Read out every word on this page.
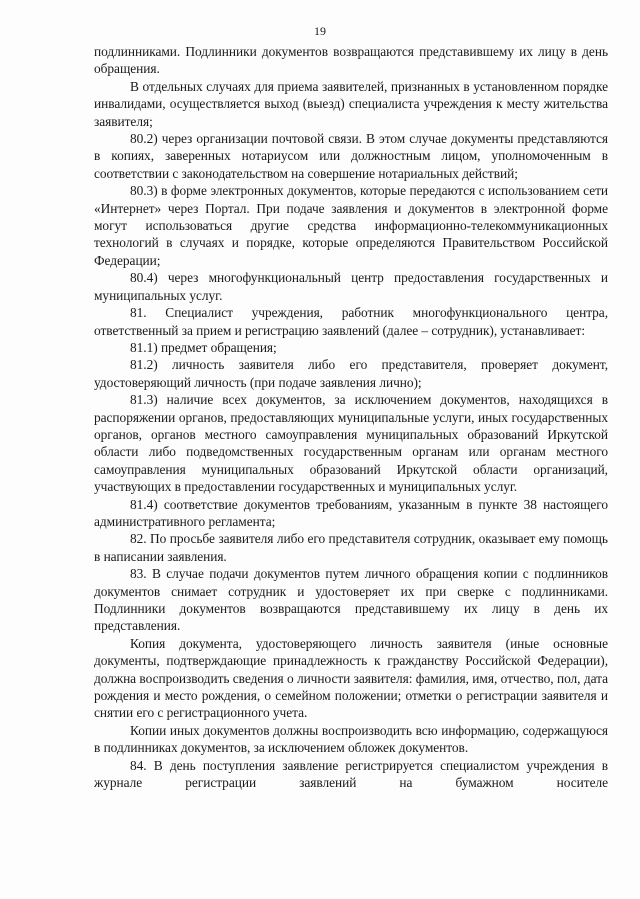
19

подлинниками. Подлинники документов возвращаются представившему их лицу в день обращения.

В отдельных случаях для приема заявителей, признанных в установленном порядке инвалидами, осуществляется выход (выезд) специалиста учреждения к месту жительства заявителя;

80.2) через организации почтовой связи. В этом случае документы представляются в копиях, заверенных нотариусом или должностным лицом, уполномоченным в соответствии с законодательством на совершение нотариальных действий;

80.3) в форме электронных документов, которые передаются с использованием сети «Интернет» через Портал. При подаче заявления и документов в электронной форме могут использоваться другие средства информационно-телекоммуникационных технологий в случаях и порядке, которые определяются Правительством Российской Федерации;

80.4) через многофункциональный центр предоставления государственных и муниципальных услуг.

81. Специалист учреждения, работник многофункционального центра, ответственный за прием и регистрацию заявлений (далее – сотрудник), устанавливает:

81.1) предмет обращения;

81.2) личность заявителя либо его представителя, проверяет документ, удостоверяющий личность (при подаче заявления лично);

81.3) наличие всех документов, за исключением документов, находящихся в распоряжении органов, предоставляющих муниципальные услуги, иных государственных органов, органов местного самоуправления муниципальных образований Иркутской области либо подведомственных государственным органам или органам местного самоуправления муниципальных образований Иркутской области организаций, участвующих в предоставлении государственных и муниципальных услуг.

81.4) соответствие документов требованиям, указанным в пункте 38 настоящего административного регламента;

82. По просьбе заявителя либо его представителя сотрудник, оказывает ему помощь в написании заявления.

83. В случае подачи документов путем личного обращения копии с подлинников документов снимает сотрудник и удостоверяет их при сверке с подлинниками. Подлинники документов возвращаются представившему их лицу в день их представления.

Копия документа, удостоверяющего личность заявителя (иные основные документы, подтверждающие принадлежность к гражданству Российской Федерации), должна воспроизводить сведения о личности заявителя: фамилия, имя, отчество, пол, дата рождения и место рождения, о семейном положении; отметки о регистрации заявителя и снятии его с регистрационного учета.

Копии иных документов должны воспроизводить всю информацию, содержащуюся в подлинниках документов, за исключением обложек документов.

84. В день поступления заявление регистрируется специалистом учреждения в журнале регистрации заявлений на бумажном носителе
